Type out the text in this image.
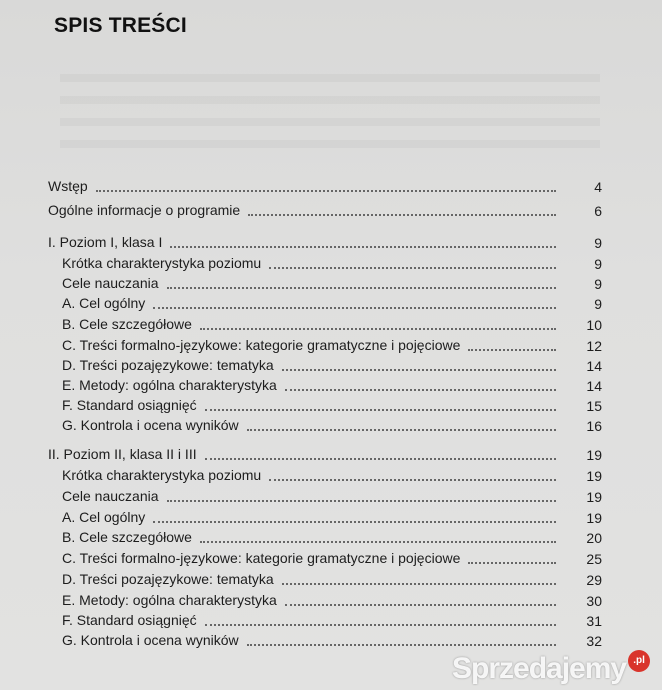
SPIS TREŚCI
Wstęp	4
Ogólne informacje o programie	6
I. Poziom I, klasa I	9
Krótka charakterystyka poziomu	9
Cele nauczania	9
A. Cel ogólny	9
B. Cele szczegółowe	10
C. Treści formalno-językowe: kategorie gramatyczne i pojęciowe	12
D. Treści pozajęzykowe: tematyka	14
E. Metody: ogólna charakterystyka	14
F. Standard osiągnięć	15
G. Kontrola i ocena wyników	16
II. Poziom II, klasa II i III	19
Krótka charakterystyka poziomu	19
Cele nauczania	19
A. Cel ogólny	19
B. Cele szczegółowe	20
C. Treści formalno-językowe: kategorie gramatyczne i pojęciowe	25
D. Treści pozajęzykowe: tematyka	29
E. Metody: ogólna charakterystyka	30
F. Standard osiągnięć	31
G. Kontrola i ocena wyników	32
Sprzedajemy .pl
